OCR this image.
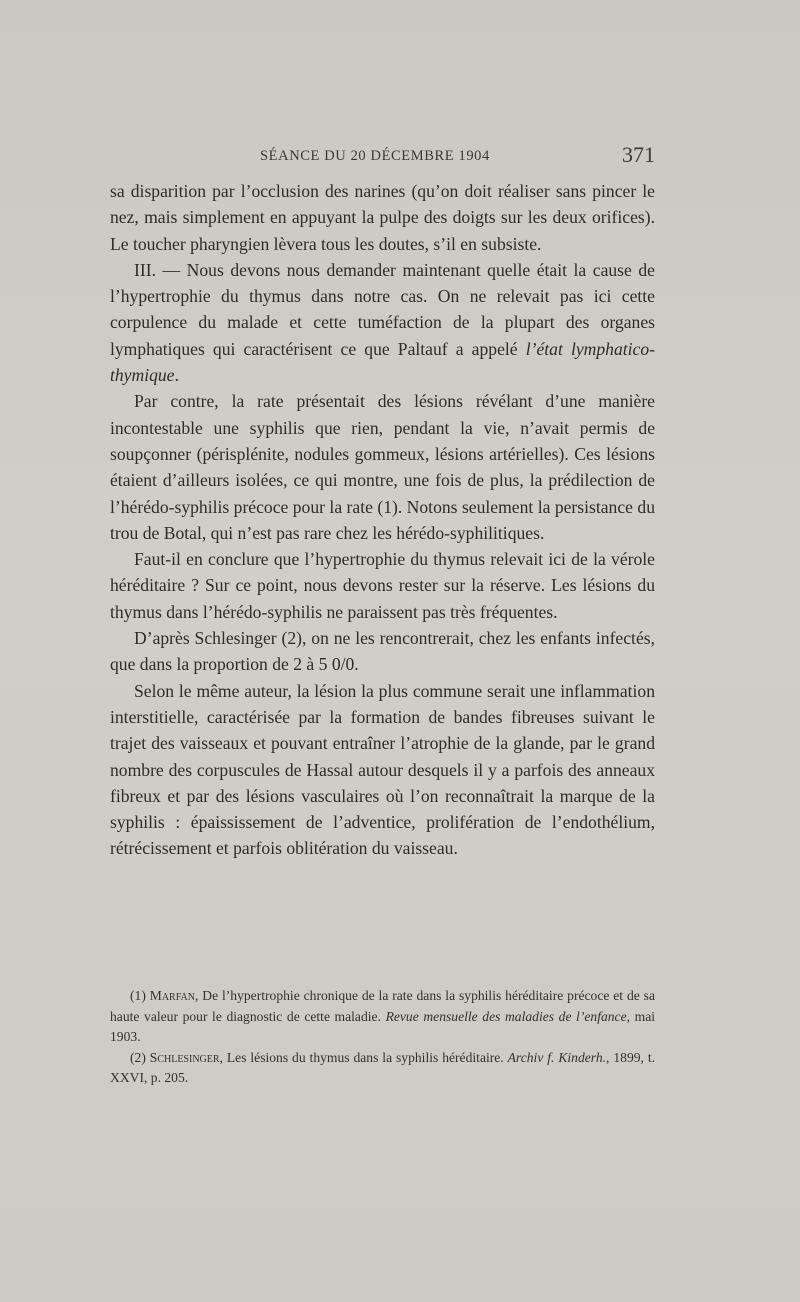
SÉANCE DU 20 DÉCEMBRE 1904	371

sa disparition par l’occlusion des narines (qu’on doit réaliser sans pincer le nez, mais simplement en appuyant la pulpe des doigts sur les deux orifices). Le toucher pharyngien lèvera tous les doutes, s’il en subsiste.

III. — Nous devons nous demander maintenant quelle était la cause de l’hypertrophie du thymus dans notre cas. On ne relevait pas ici cette corpulence du malade et cette tuméfaction de la plupart des organes lymphatiques qui caractérisent ce que Paltauf a appelé l’état lymphatico-thymique.

Par contre, la rate présentait des lésions révélant d’une manière incontestable une syphilis que rien, pendant la vie, n’avait permis de soupçonner (périsplénite, nodules gommeux, lésions artérielles). Ces lésions étaient d’ailleurs isolées, ce qui montre, une fois de plus, la prédilection de l’hérédo-syphilis précoce pour la rate (1). Notons seulement la persistance du trou de Botal, qui n’est pas rare chez les hérédo-syphilitiques.

Faut-il en conclure que l’hypertrophie du thymus relevait ici de la vérole héréditaire ? Sur ce point, nous devons rester sur la réserve. Les lésions du thymus dans l’hérédo-syphilis ne paraissent pas très fréquentes.

D’après Schlesinger (2), on ne les rencontrerait, chez les enfants infectés, que dans la proportion de 2 à 5 0/0.

Selon le même auteur, la lésion la plus commune serait une inflammation interstitielle, caractérisée par la formation de bandes fibreuses suivant le trajet des vaisseaux et pouvant entraîner l’atrophie de la glande, par le grand nombre des corpuscules de Hassal autour desquels il y a parfois des anneaux fibreux et par des lésions vasculaires où l’on reconnaîtrait la marque de la syphilis : épaississement de l’adventice, prolifération de l’endothélium, rétrécissement et parfois oblitération du vaisseau.

(1) Marfan, De l’hypertrophie chronique de la rate dans la syphilis héréditaire précoce et de sa haute valeur pour le diagnostic de cette maladie. Revue mensuelle des maladies de l’enfance, mai 1903.

(2) Schlesinger, Les lésions du thymus dans la syphilis héréditaire. Archiv f. Kinderh., 1899, t. XXVI, p. 205.
